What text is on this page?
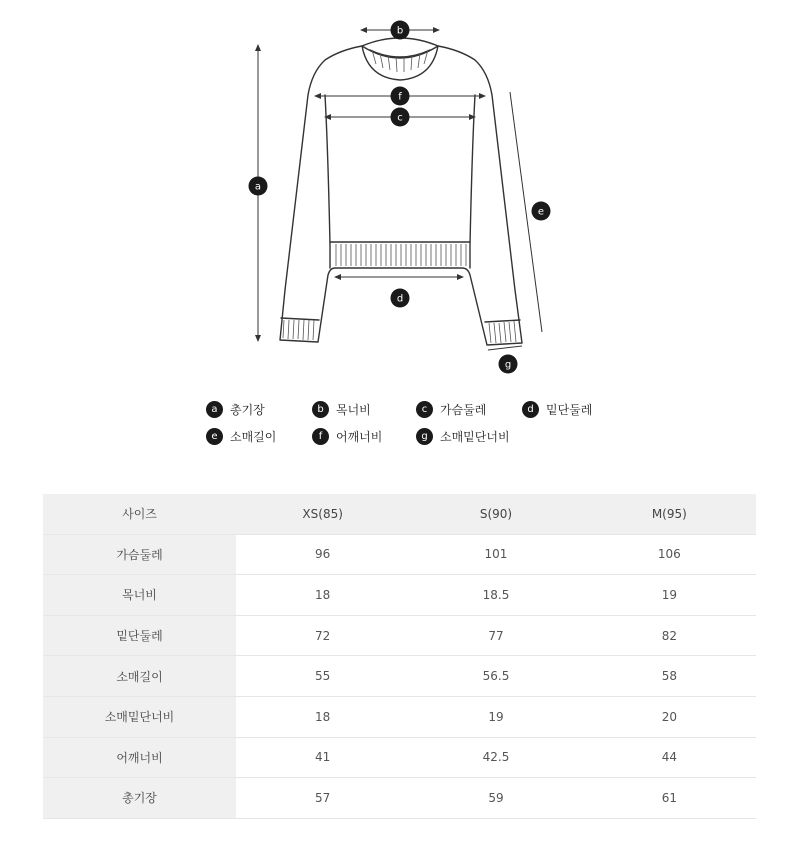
a
b
c
d
e
f
g
a	총기장	b	목너비	c	가슴둘레	d	밑단둘레
e	소매길이	f	어깨너비	g	소매밑단너비
사이즈	XS(85)	S(90)	M(95)
가슴둘레	96	101	106
목너비	18	18.5	19
밑단둘레	72	77	82
소매길이	55	56.5	58
소매밑단너비	18	19	20
어깨너비	41	42.5	44
총기장	57	59	61
